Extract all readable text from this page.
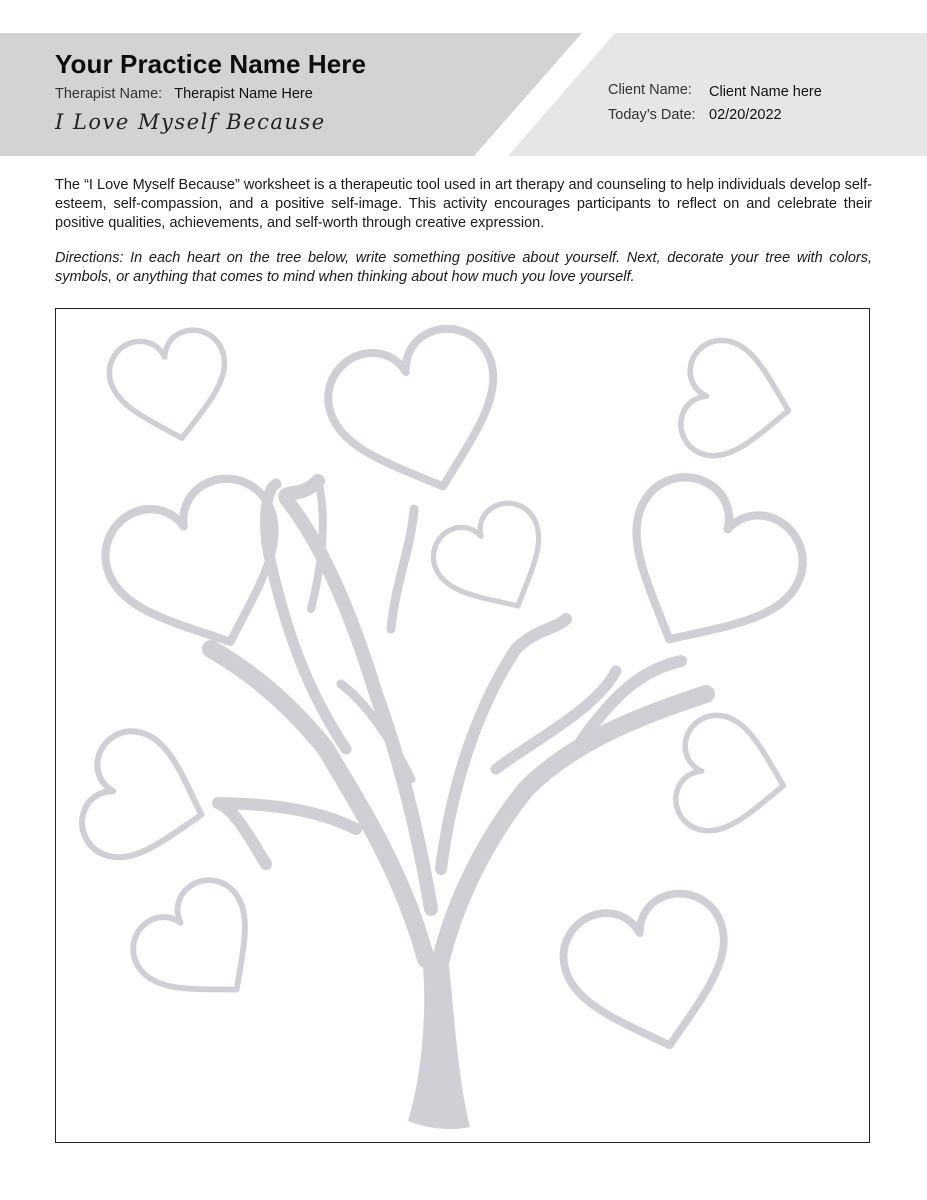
Your Practice Name Here
Therapist Name: Therapist Name Here
I Love Myself Because
Client Name:	Client Name here
Today’s Date: 02/20/2022

The “I Love Myself Because” worksheet is a therapeutic tool used in art therapy and counseling to help individuals develop self-esteem, self-compassion, and a positive self-image. This activity encourages participants to reflect on and celebrate their positive qualities, achievements, and self-worth through creative expression.

Directions: In each heart on the tree below, write something positive about yourself. Next, decorate your tree with colors, symbols, or anything that comes to mind when thinking about how much you love yourself.
